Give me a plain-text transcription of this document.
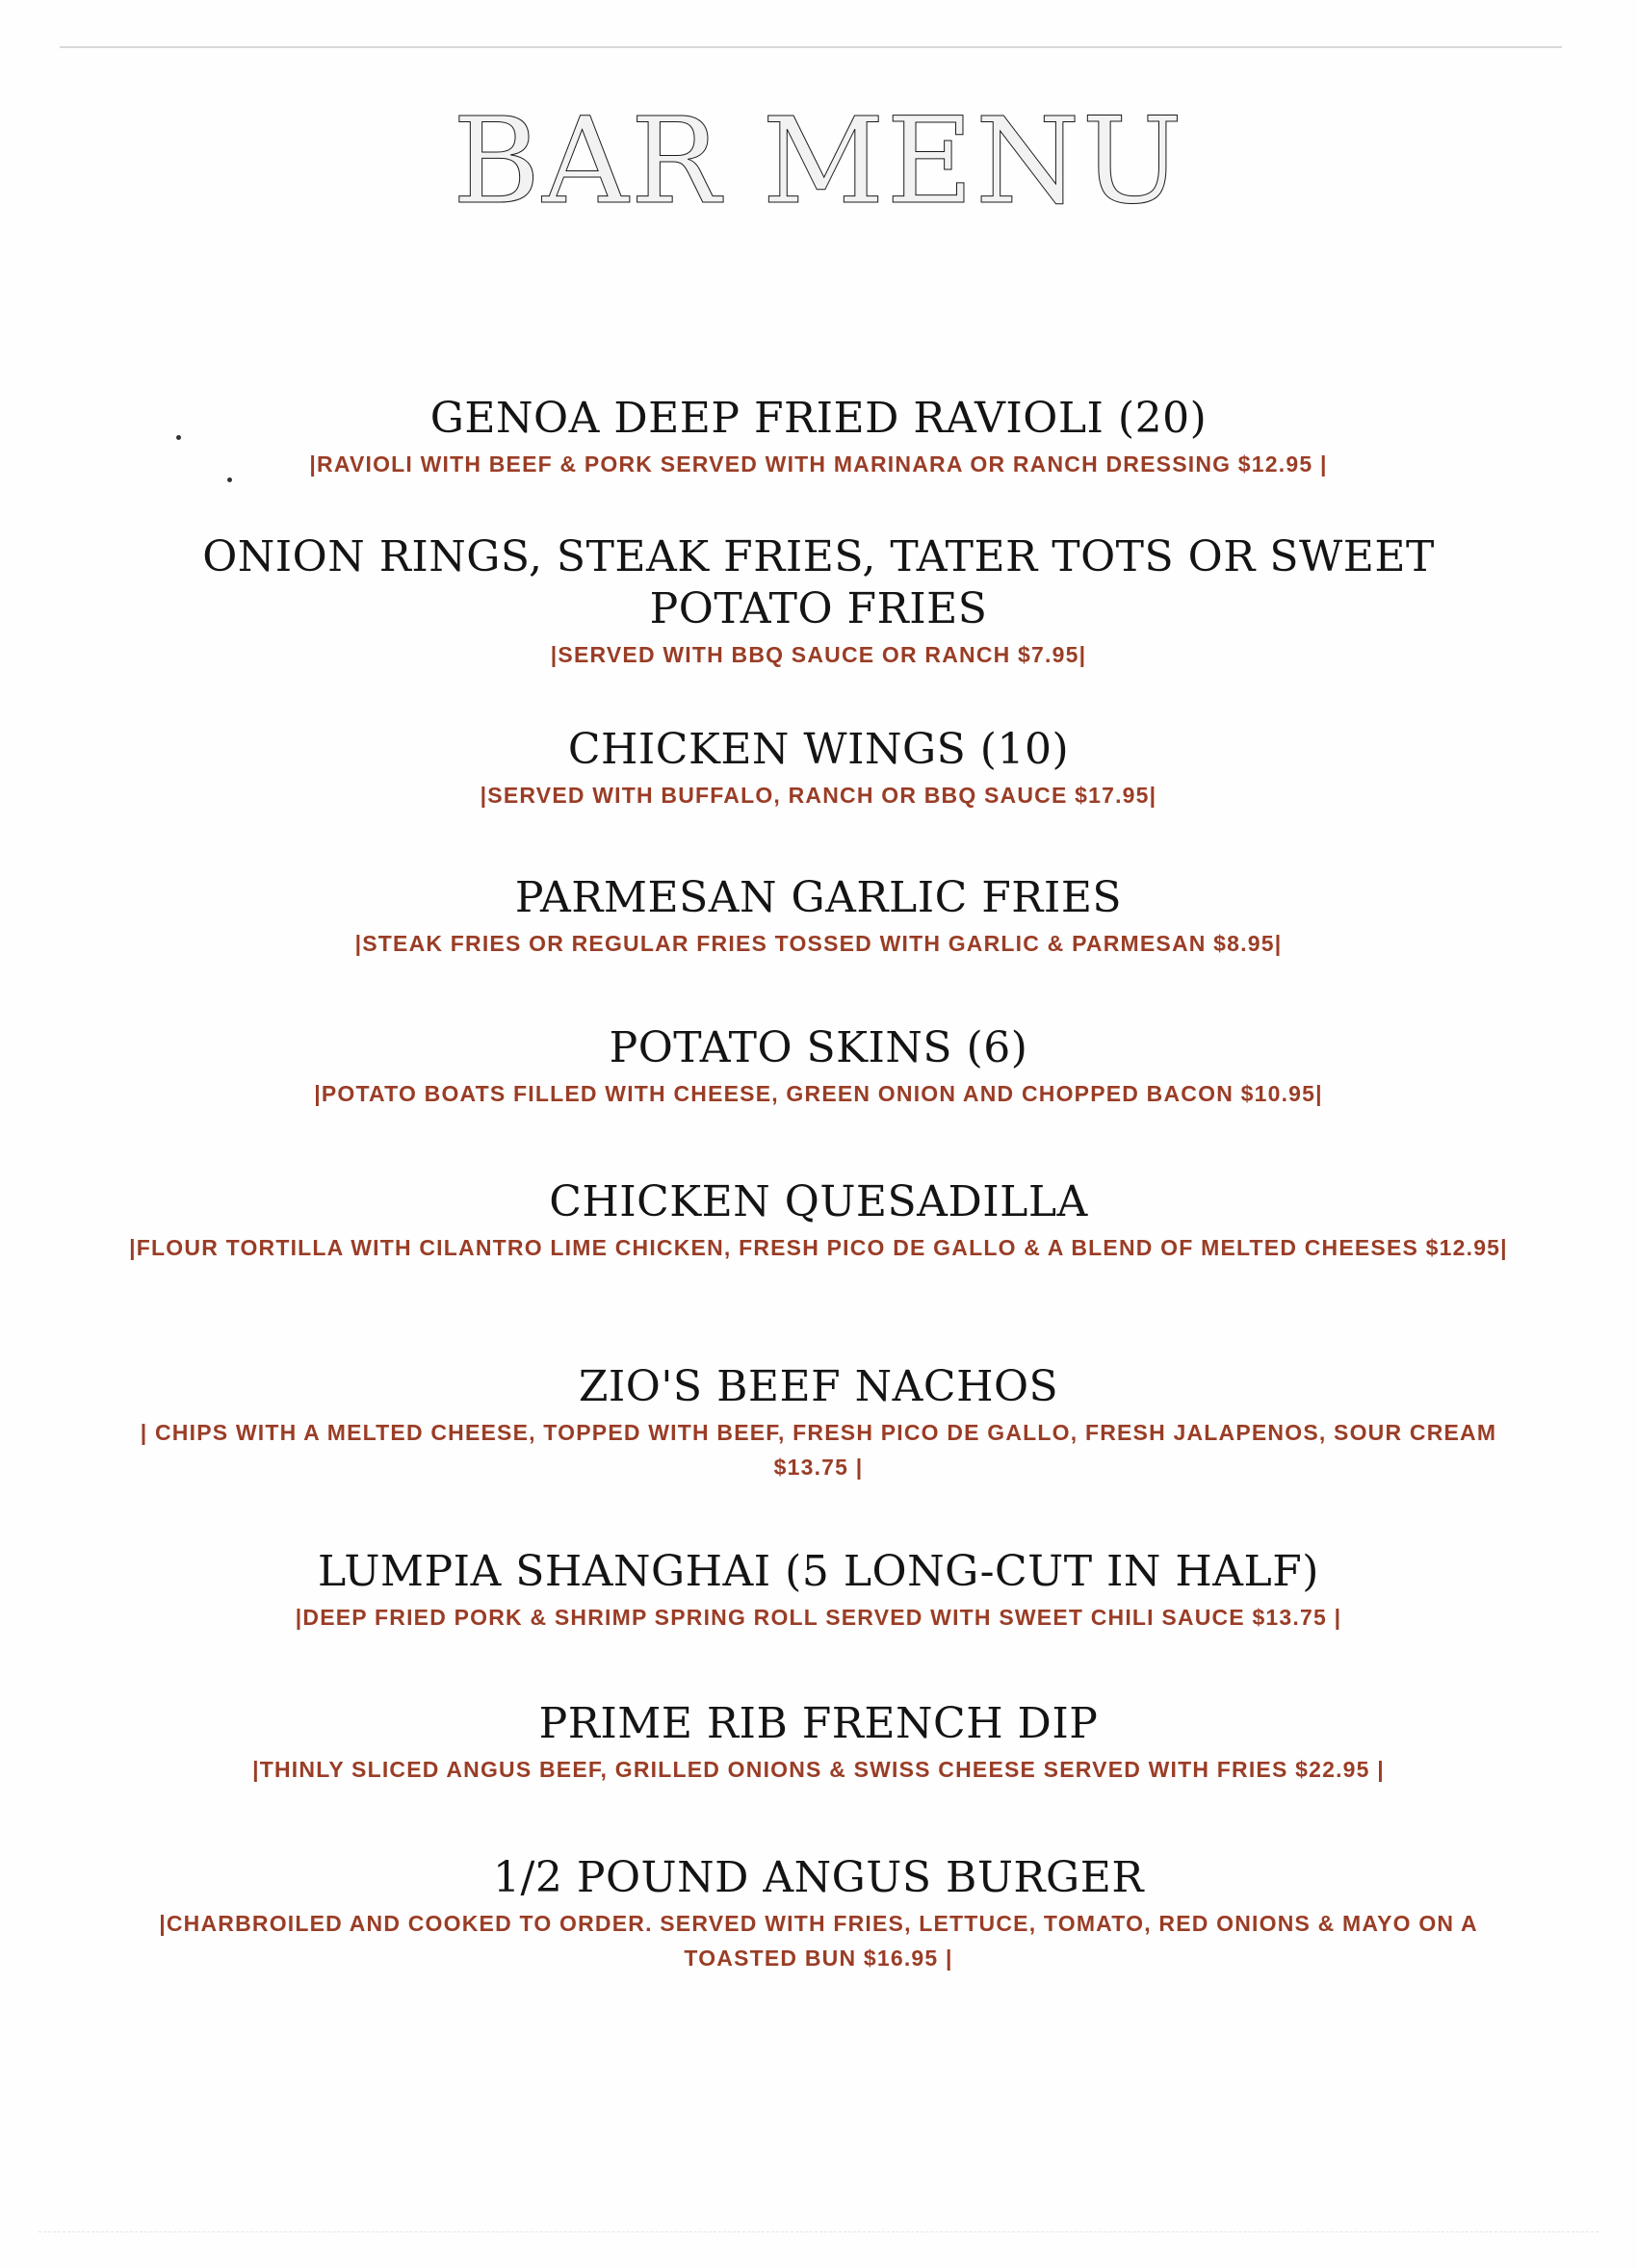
BAR MENU
GENOA DEEP FRIED RAVIOLI (20)
|RAVIOLI WITH BEEF & PORK SERVED WITH MARINARA OR RANCH DRESSING $12.95 |
ONION RINGS, STEAK FRIES, TATER TOTS OR SWEET POTATO FRIES
|SERVED WITH BBQ SAUCE OR RANCH $7.95|
CHICKEN WINGS (10)
|SERVED WITH BUFFALO, RANCH OR BBQ SAUCE $17.95|
PARMESAN GARLIC FRIES
|STEAK FRIES OR REGULAR FRIES TOSSED WITH GARLIC & PARMESAN $8.95|
POTATO SKINS (6)
|POTATO BOATS FILLED WITH CHEESE, GREEN ONION AND CHOPPED BACON $10.95|
CHICKEN QUESADILLA
|FLOUR TORTILLA WITH CILANTRO LIME CHICKEN, FRESH PICO DE GALLO & A BLEND OF MELTED CHEESES $12.95|
ZIO'S BEEF NACHOS
| CHIPS WITH A MELTED CHEESE, TOPPED WITH BEEF, FRESH PICO DE GALLO, FRESH JALAPENOS, SOUR CREAM $13.75 |
LUMPIA SHANGHAI (5 LONG-CUT IN HALF)
|DEEP FRIED PORK & SHRIMP SPRING ROLL SERVED WITH SWEET CHILI SAUCE $13.75 |
PRIME RIB FRENCH DIP
|THINLY SLICED ANGUS BEEF, GRILLED ONIONS & SWISS CHEESE SERVED WITH FRIES $22.95 |
1/2 POUND ANGUS BURGER
|CHARBROILED AND COOKED TO ORDER. SERVED WITH FRIES, LETTUCE, TOMATO, RED ONIONS & MAYO ON A TOASTED BUN $16.95 |
